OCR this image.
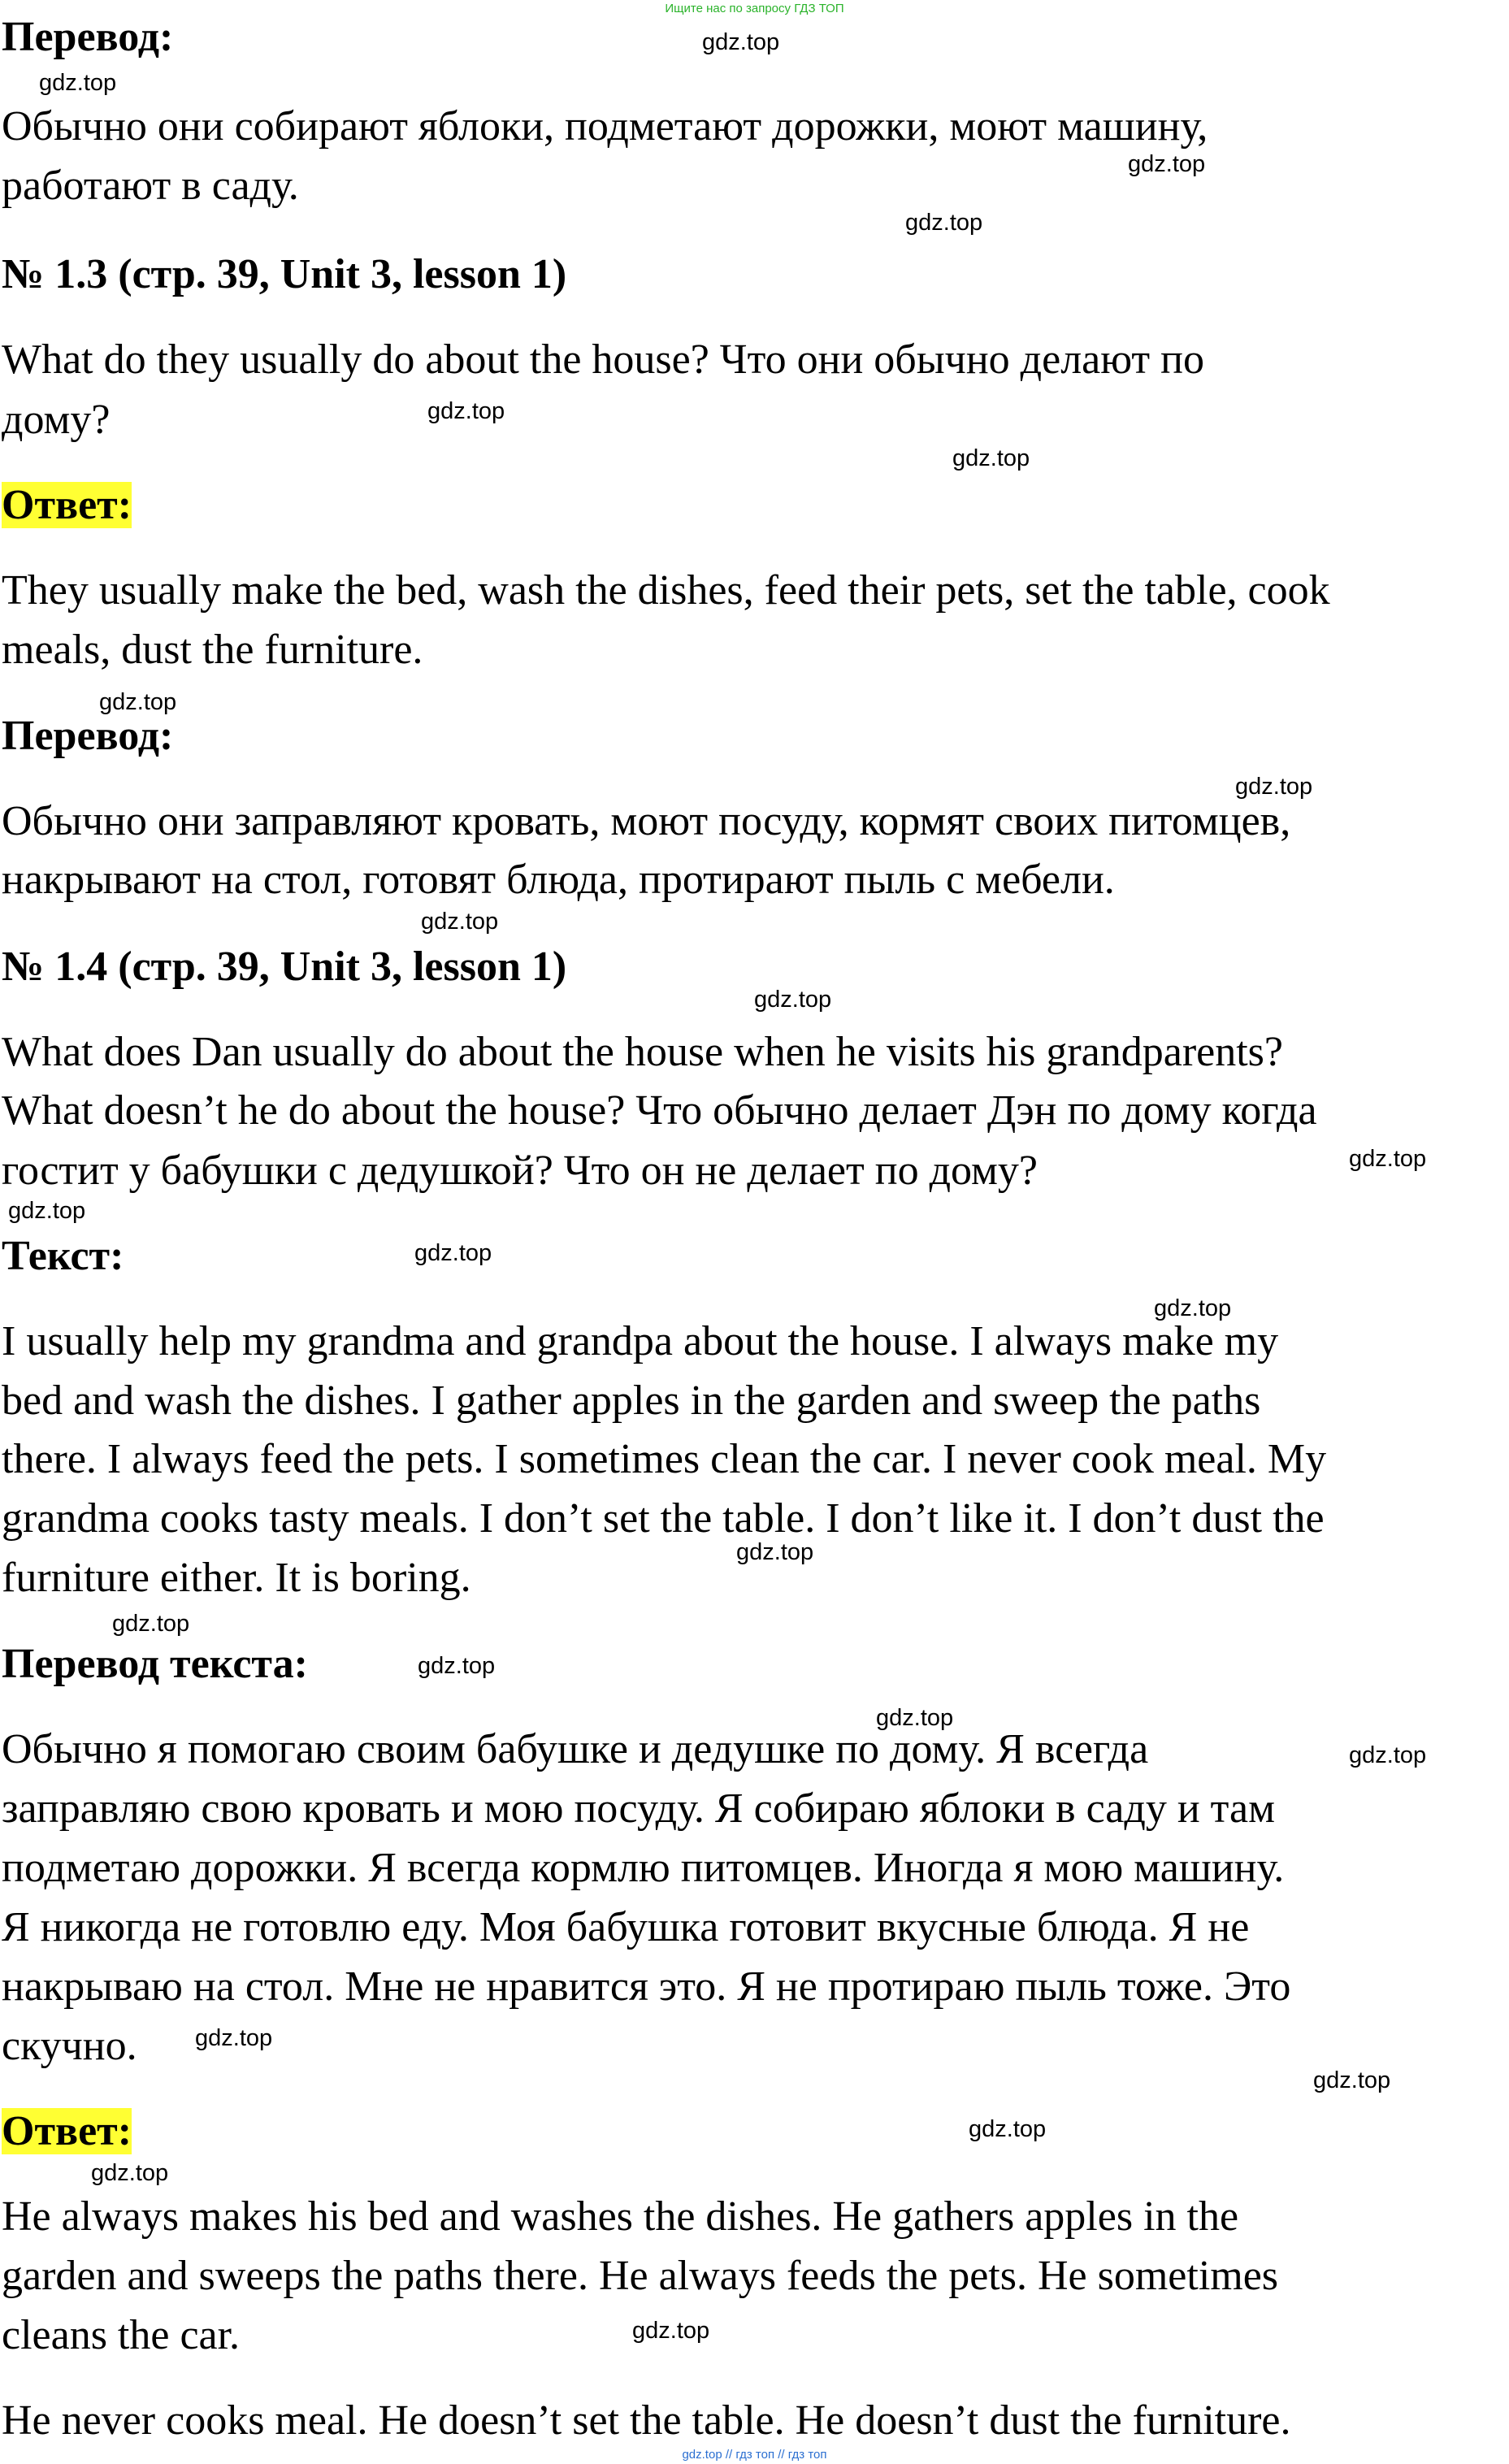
Ищите нас по запросу ГДЗ ТОП
Перевод:
Обычно они собирают яблоки, подметают дорожки, моют машину,
работают в саду.
№ 1.3 (стр. 39, Unit 3, lesson 1)
What do they usually do about the house? Что они обычно делают по
дому?
Ответ:
They usually make the bed, wash the dishes, feed their pets, set the table, cook
meals, dust the furniture.
Перевод:
Обычно они заправляют кровать, моют посуду, кормят своих питомцев,
накрывают на стол, готовят блюда, протирают пыль с мебели.
№ 1.4 (стр. 39, Unit 3, lesson 1)
What does Dan usually do about the house when he visits his grandparents?
What doesn’t he do about the house? Что обычно делает Дэн по дому когда
гостит у бабушки с дедушкой? Что он не делает по дому?
Текст:
I usually help my grandma and grandpa about the house. I always make my
bed and wash the dishes. I gather apples in the garden and sweep the paths
there. I always feed the pets. I sometimes clean the car. I never cook meal. My
grandma cooks tasty meals. I don’t set the table. I don’t like it. I don’t dust the
furniture either. It is boring.
Перевод текста:
Обычно я помогаю своим бабушке и дедушке по дому. Я всегда
заправляю свою кровать и мою посуду. Я собираю яблоки в саду и там
подметаю дорожки. Я всегда кормлю питомцев. Иногда я мою машину.
Я никогда не готовлю еду. Моя бабушка готовит вкусные блюда. Я не
накрываю на стол. Мне не нравится это. Я не протираю пыль тоже. Это
скучно.
Ответ:
He always makes his bed and washes the dishes. He gathers apples in the
garden and sweeps the paths there. He always feeds the pets. He sometimes
cleans the car.
He never cooks meal. He doesn’t set the table. He doesn’t dust the furniture.
gdz.top
gdz.top
gdz.top
gdz.top
gdz.top
gdz.top
gdz.top
gdz.top
gdz.top
gdz.top
gdz.top
gdz.top
gdz.top
gdz.top
gdz.top
gdz.top
gdz.top
gdz.top
gdz.top
gdz.top
gdz.top
gdz.top
gdz.top
gdz.top
gdz.top // гдз топ // гдз топ
